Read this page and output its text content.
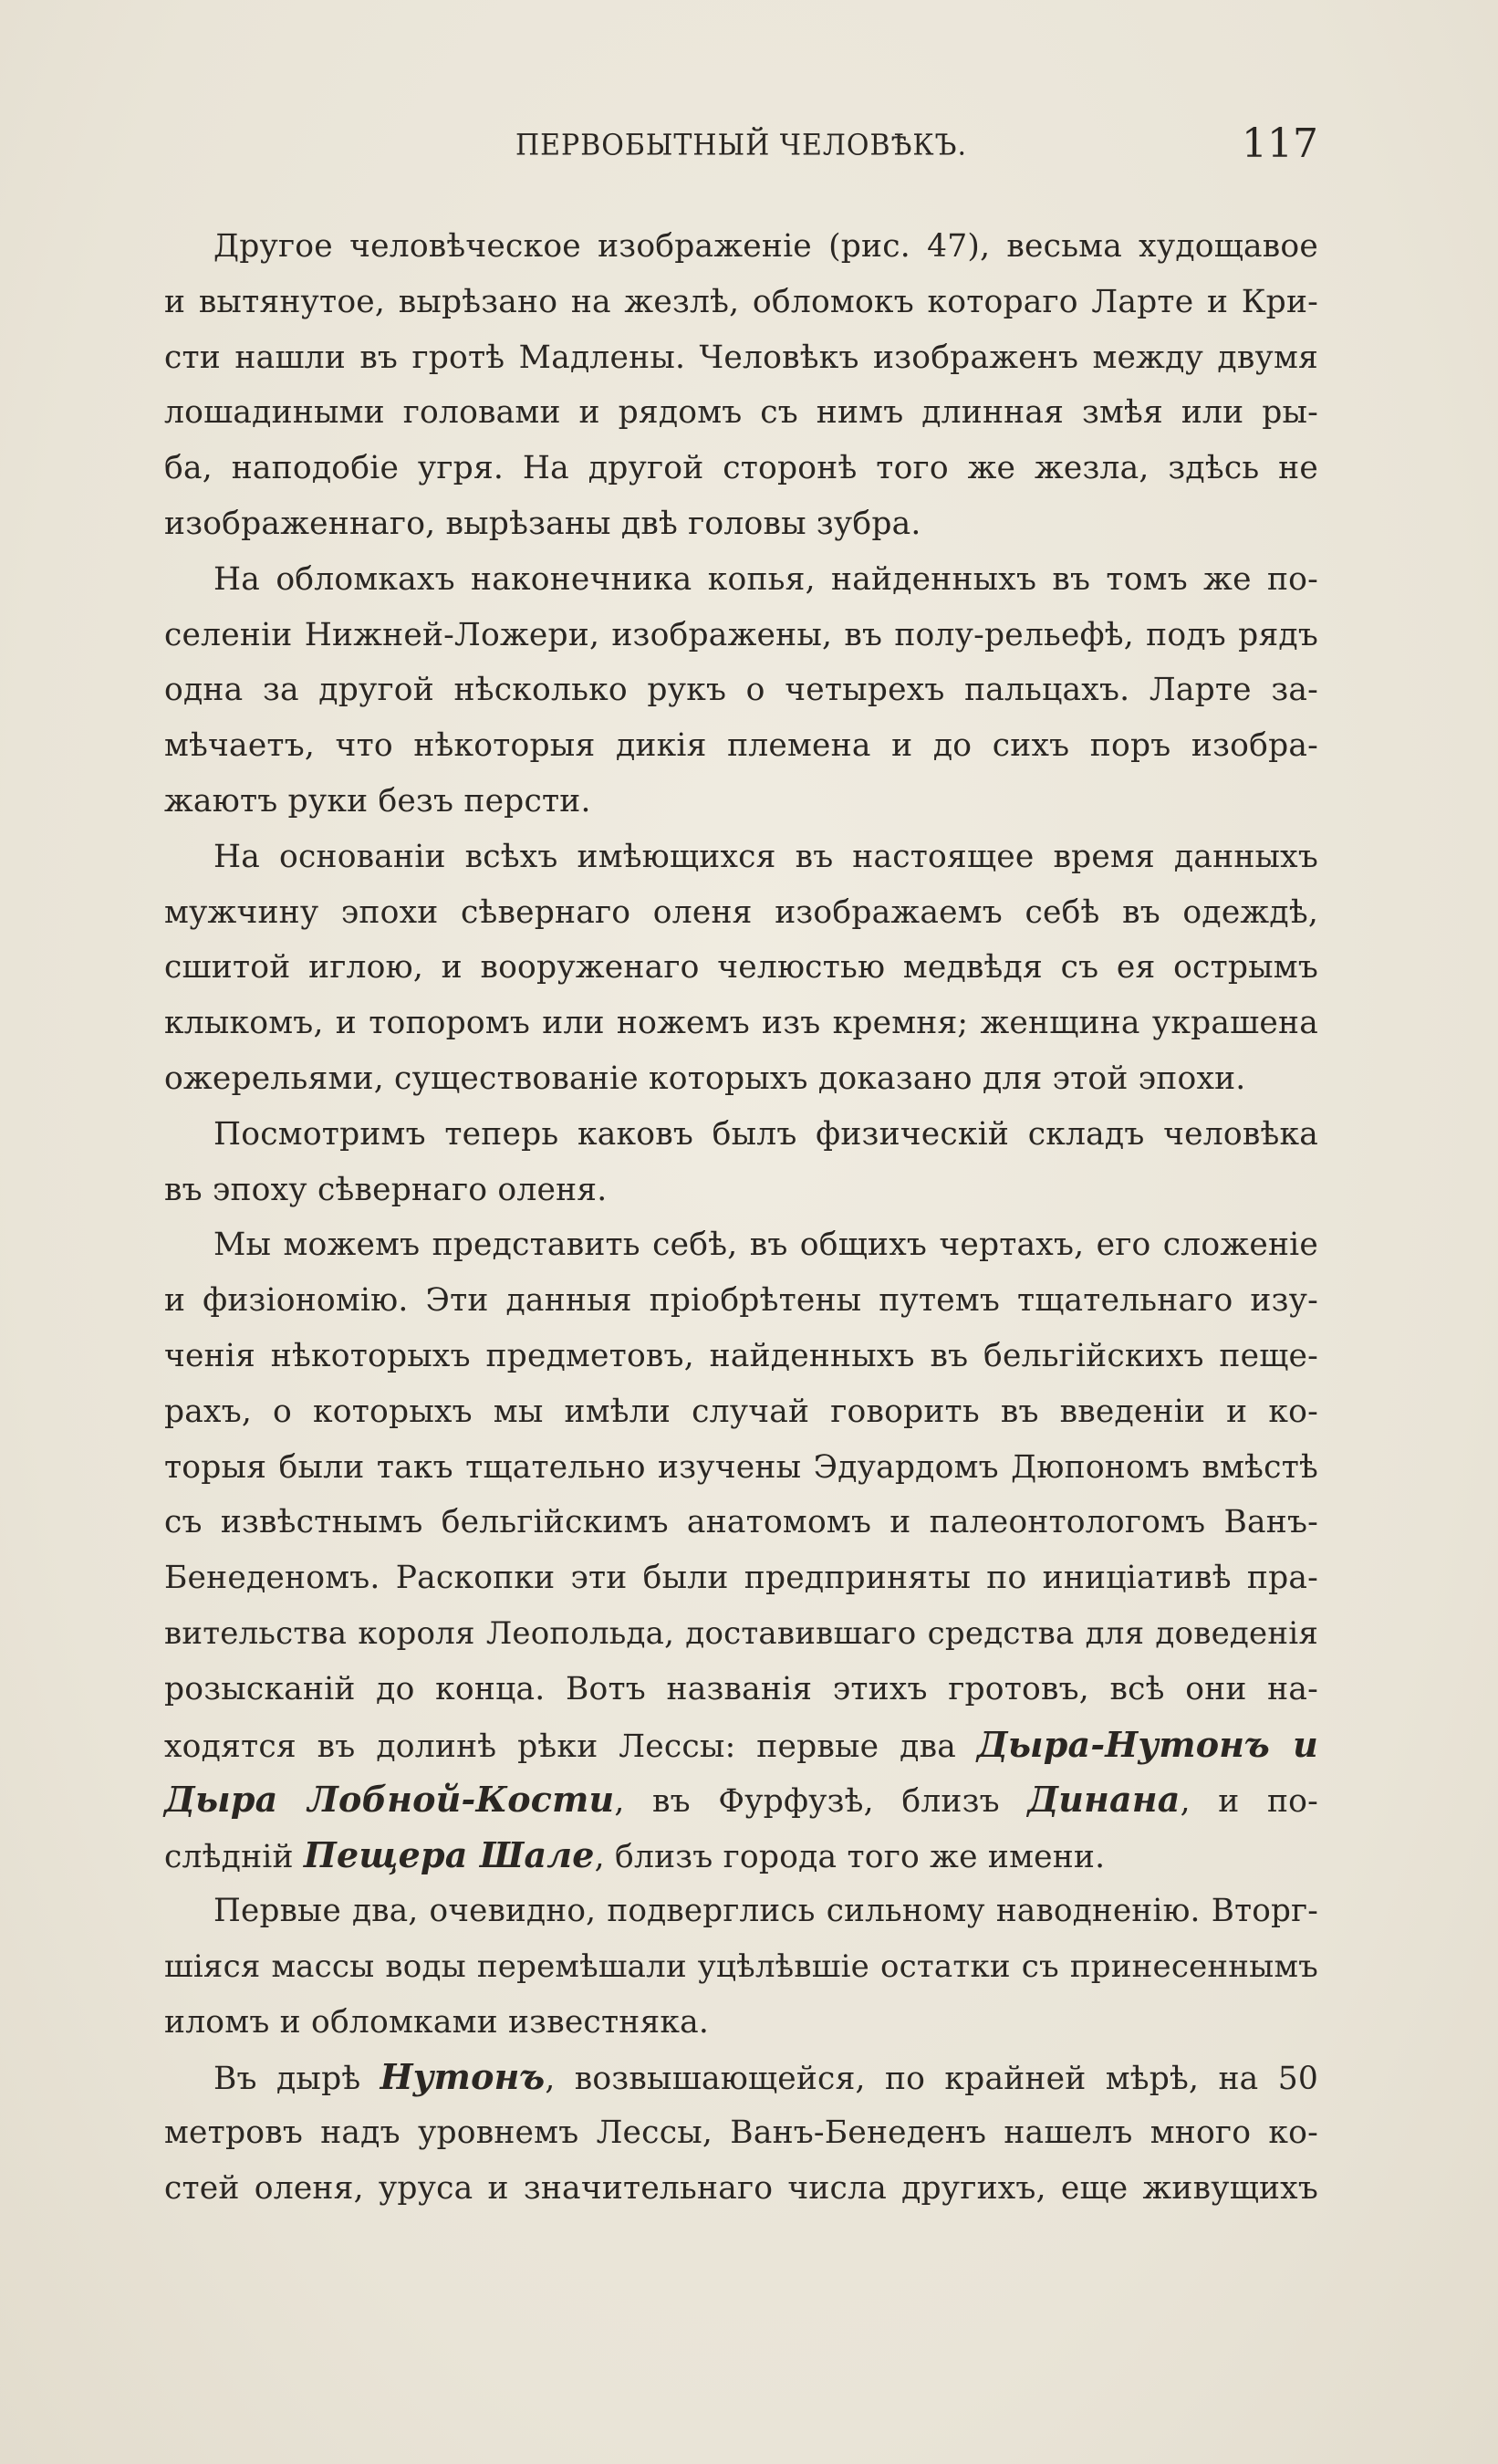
ПЕРВОБЫТНЫЙ ЧЕЛОВѢКЪ.	117
Другое человѣческое изображеніе (рис. 47), весьма худощавое
и вытянутое, вырѣзано на жезлѣ, обломокъ котораго Ларте и Кри-
сти нашли въ гротѣ Мадлены. Человѣкъ изображенъ между двумя
лошадиными головами и рядомъ съ нимъ длинная змѣя или ры-
ба, наподобіе угря. На другой сторонѣ того же жезла, здѣсь не
изображеннаго, вырѣзаны двѣ головы зубра.
На обломкахъ наконечника копья, найденныхъ въ томъ же по-
селеніи Нижней-Ложери, изображены, въ полу-рельефѣ, подъ рядъ
одна за другой нѣсколько рукъ о четырехъ пальцахъ. Ларте за-
мѣчаетъ, что нѣкоторыя дикія племена и до сихъ поръ изобра-
жаютъ руки безъ персти.
На основаніи всѣхъ имѣющихся въ настоящее время данныхъ
мужчину эпохи сѣвернаго оленя изображаемъ себѣ въ одеждѣ,
сшитой иглою, и вооруженаго челюстью медвѣдя съ ея острымъ
клыкомъ, и топоромъ или ножемъ изъ кремня; женщина украшена
ожерельями, существованіе которыхъ доказано для этой эпохи.
Посмотримъ теперь каковъ былъ физическій складъ человѣка
въ эпоху сѣвернаго оленя.
Мы можемъ представить себѣ, въ общихъ чертахъ, его сложеніе
и физіономію. Эти данныя пріобрѣтены путемъ тщательнаго изу-
ченія нѣкоторыхъ предметовъ, найденныхъ въ бельгійскихъ пеще-
рахъ, о которыхъ мы имѣли случай говорить въ введеніи и ко-
торыя были такъ тщательно изучены Эдуардомъ Дюпономъ вмѣстѣ
съ извѣстнымъ бельгійскимъ анатомомъ и палеонтологомъ Ванъ-
Бенеденомъ. Раскопки эти были предприняты по иниціативѣ пра-
вительства короля Леопольда, доставившаго средства для доведенія
розысканій до конца. Вотъ названія этихъ гротовъ, всѣ они на-
ходятся въ долинѣ рѣки Лессы: первые два Дыра-Нутонъ и
Дыра Лобной-Кости, въ Фурфузѣ, близъ Динана, и по-
слѣдній Пещера Шале, близъ города того же имени.
Первые два, очевидно, подверглись сильному наводненію. Вторг-
шіяся массы воды перемѣшали уцѣлѣвшіе остатки съ принесеннымъ
иломъ и обломками известняка.
Въ дырѣ Нутонъ, возвышающейся, по крайней мѣрѣ, на 50
метровъ надъ уровнемъ Лессы, Ванъ-Бенеденъ нашелъ много ко-
стей оленя, уруса и значительнаго числа другихъ, еще живущихъ
